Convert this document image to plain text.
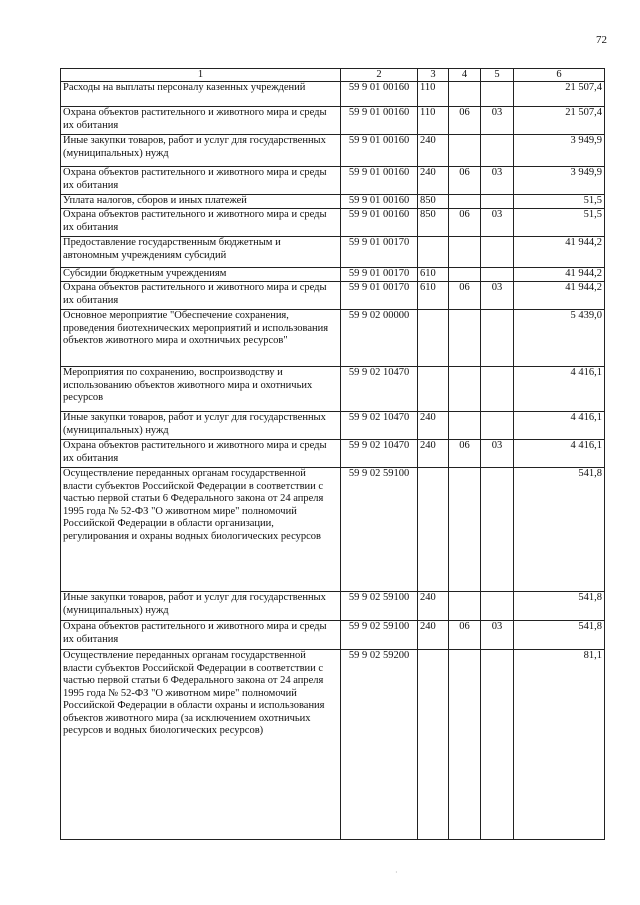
72
1	2	3	4	5	6
Расходы на выплаты персоналу казенных учреждений	59 9 01 00160	110			21 507,4
Охрана объектов растительного и животного мира и среды их обитания	59 9 01 00160	110	06	03	21 507,4
Иные закупки товаров, работ и услуг для государственных (муниципальных) нужд	59 9 01 00160	240			3 949,9
Охрана объектов растительного и животного мира и среды их обитания	59 9 01 00160	240	06	03	3 949,9
Уплата налогов, сборов и иных платежей	59 9 01 00160	850			51,5
Охрана объектов растительного и животного мира и среды их обитания	59 9 01 00160	850	06	03	51,5
Предоставление государственным бюджетным и автономным учреждениям субсидий	59 9 01 00170				41 944,2
Субсидии бюджетным учреждениям	59 9 01 00170	610			41 944,2
Охрана объектов растительного и животного мира и среды их обитания	59 9 01 00170	610	06	03	41 944,2
Основное мероприятие "Обеспечение сохранения, проведения биотехнических мероприятий и использования объектов животного мира и охотничьих ресурсов"	59 9 02 00000				5 439,0
Мероприятия по сохранению, воспроизводству и использованию объектов животного мира и охотничьих ресурсов	59 9 02 10470				4 416,1
Иные закупки товаров, работ и услуг для государственных (муниципальных) нужд	59 9 02 10470	240			4 416,1
Охрана объектов растительного и животного мира и среды их обитания	59 9 02 10470	240	06	03	4 416,1
Осуществление переданных органам государственной власти субъектов Российской Федерации в соответствии с частью первой статьи 6 Федерального закона от 24 апреля 1995 года № 52-ФЗ "О животном мире" полномочий Российской Федерации в области организации, регулирования и охраны водных биологических ресурсов	59 9 02 59100				541,8
Иные закупки товаров, работ и услуг для государственных (муниципальных) нужд	59 9 02 59100	240			541,8
Охрана объектов растительного и животного мира и среды их обитания	59 9 02 59100	240	06	03	541,8
Осуществление переданных органам государственной власти субъектов Российской Федерации в соответствии с частью первой статьи 6 Федерального закона от 24 апреля 1995 года № 52-ФЗ "О животном мире" полномочий Российской Федерации в области охраны и использования объектов животного мира (за исключением охотничьих ресурсов и водных биологических ресурсов)	59 9 02 59200				81,1
·
